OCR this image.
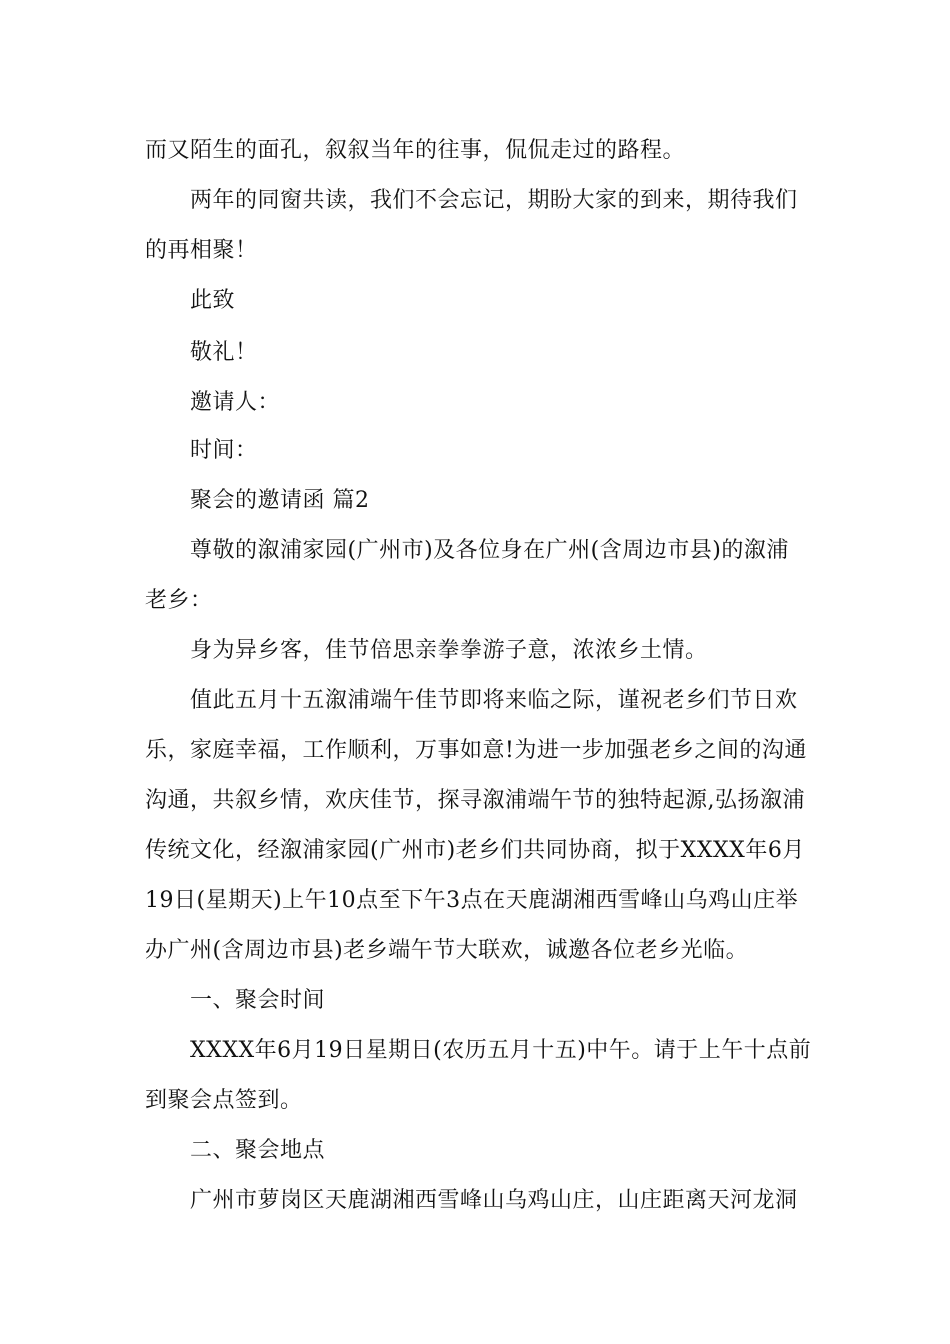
而又陌生的面孔，叙叙当年的往事，侃侃走过的路程。
两年的同窗共读，我们不会忘记，期盼大家的到来，期待我们
的再相聚！
此致
敬礼！
邀请人：
时间：
聚会的邀请函 篇2
尊敬的溆浦家园(广州市)及各位身在广州(含周边市县)的溆浦
老乡：
身为异乡客，佳节倍思亲拳拳游子意，浓浓乡土情。
值此五月十五溆浦端午佳节即将来临之际，谨祝老乡们节日欢
乐，家庭幸福，工作顺利，万事如意!为进一步加强老乡之间的沟通
沟通，共叙乡情，欢庆佳节，探寻溆浦端午节的独特起源,弘扬溆浦
传统文化，经溆浦家园(广州市)老乡们共同协商，拟于XXXX年6月
19日(星期天)上午10点至下午3点在天鹿湖湘西雪峰山乌鸡山庄举
办广州(含周边市县)老乡端午节大联欢，诚邀各位老乡光临。
一、聚会时间
XXXX年6月19日星期日(农历五月十五)中午。请于上午十点前
到聚会点签到。
二、聚会地点
广州市萝岗区天鹿湖湘西雪峰山乌鸡山庄，山庄距离天河龙洞
